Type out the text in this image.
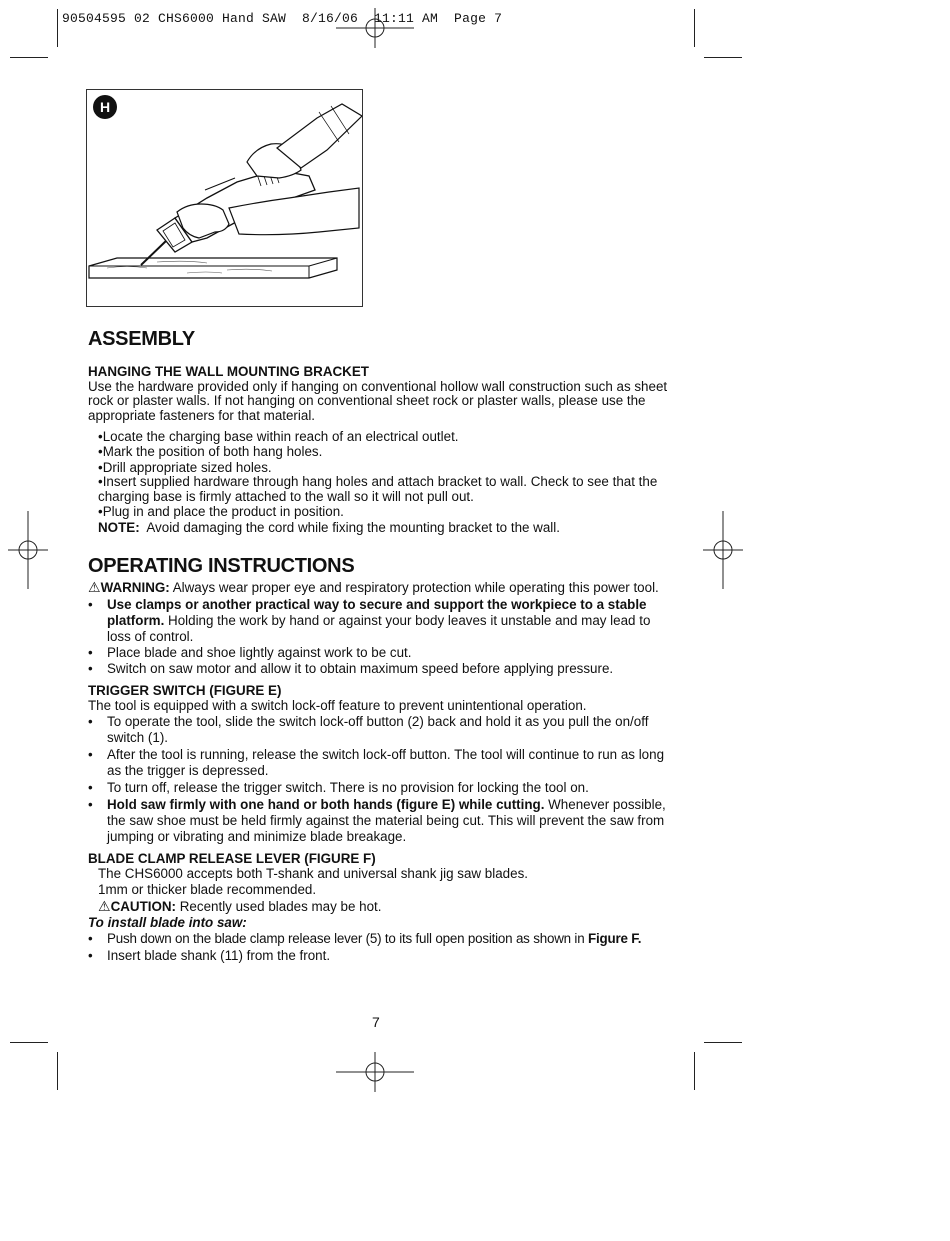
90504595 02 CHS6000 Hand SAW  8/16/06  11:11 AM  Page 7
H
ASSEMBLY
HANGING THE WALL MOUNTING BRACKET

Use the hardware provided only if hanging on conventional hollow wall construction such as sheet rock or plaster walls. If not hanging on conventional sheet rock or plaster walls, please use the appropriate fasteners for that material.

•Locate the charging base within reach of an electrical outlet.
•Mark the position of both hang holes.
•Drill appropriate sized holes.
•Insert supplied hardware through hang holes and attach bracket to wall. Check to see that the charging base is firmly attached to the wall so it will not pull out.
•Plug in and place the product in position.
NOTE: Avoid damaging the cord while fixing the mounting bracket to the wall.
OPERATING INSTRUCTIONS
⚠WARNING: Always wear proper eye and respiratory protection while operating this power tool.
• Use clamps or another practical way to secure and support the workpiece to a stable platform. Holding the work by hand or against your body leaves it unstable and may lead to loss of control.
• Place blade and shoe lightly against work to be cut.
• Switch on saw motor and allow it to obtain maximum speed before applying pressure.
TRIGGER SWITCH (FIGURE E)

The tool is equipped with a switch lock-off feature to prevent unintentional operation.

• To operate the tool, slide the switch lock-off button (2) back and hold it as you pull the on/off switch (1).
• After the tool is running, release the switch lock-off button. The tool will continue to run as long as the trigger is depressed.
• To turn off, release the trigger switch. There is no provision for locking the tool on.
• Hold saw firmly with one hand or both hands (figure E) while cutting. Whenever possible, the saw shoe must be held firmly against the material being cut. This will prevent the saw from jumping or vibrating and minimize blade breakage.
BLADE CLAMP RELEASE LEVER (FIGURE F)
The CHS6000 accepts both T-shank and universal shank jig saw blades.
1mm or thicker blade recommended.
⚠CAUTION: Recently used blades may be hot.
To install blade into saw:
• Push down on the blade clamp release lever (5) to its full open position as shown in Figure F.
• Insert blade shank (11) from the front.
7
